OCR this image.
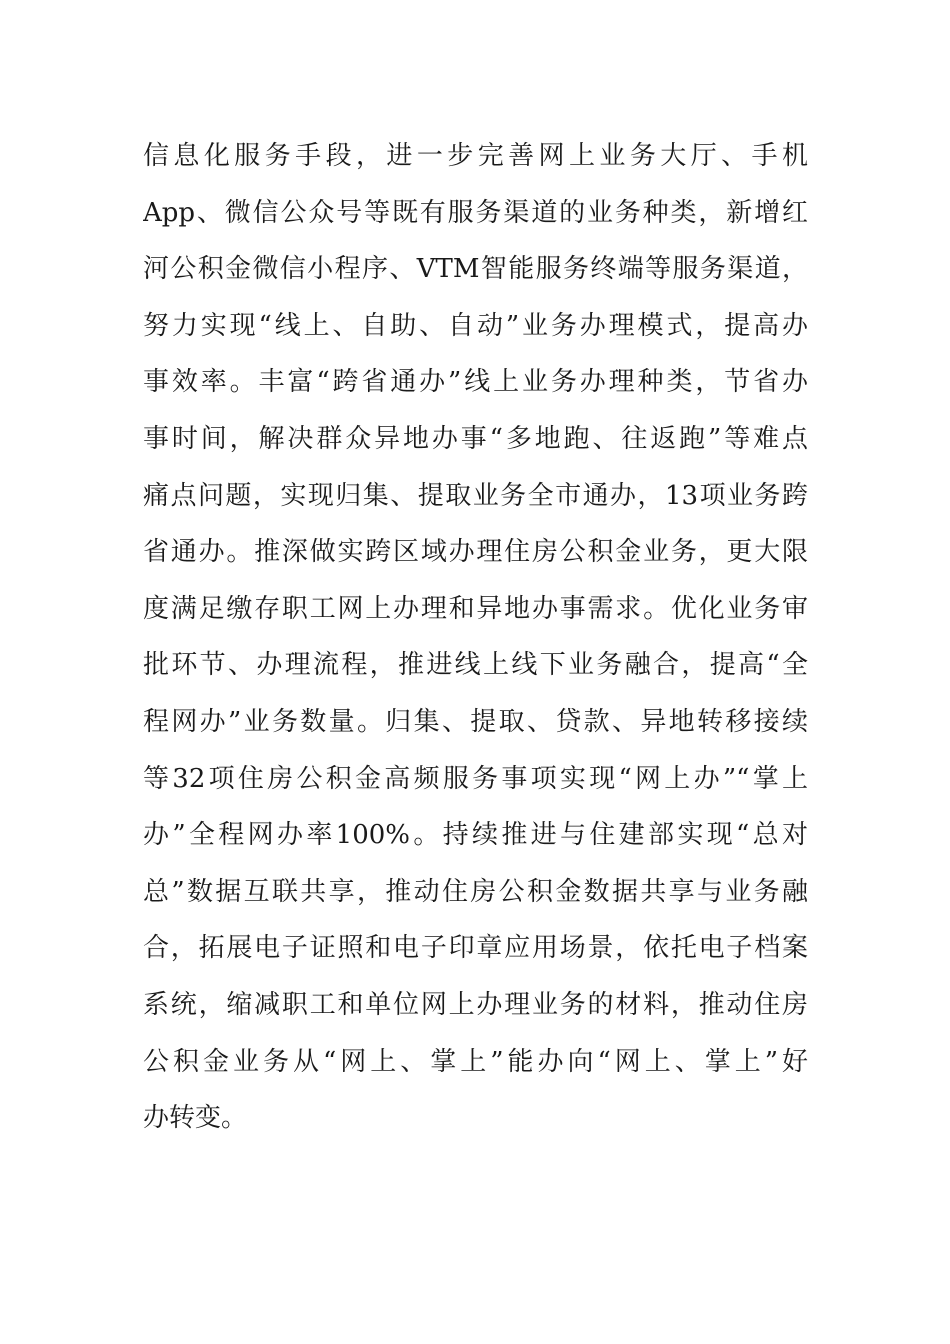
信息化服务手段，进一步完善网上业务大厅、手机
App、微信公众号等既有服务渠道的业务种类，新增红
河公积金微信小程序、VTM智能服务终端等服务渠道，
努力实现“线上、自助、自动”业务办理模式，提高办
事效率。丰富“跨省通办”线上业务办理种类，节省办
事时间，解决群众异地办事“多地跑、往返跑”等难点
痛点问题，实现归集、提取业务全市通办，13项业务跨
省通办。推深做实跨区域办理住房公积金业务，更大限
度满足缴存职工网上办理和异地办事需求。优化业务审
批环节、办理流程，推进线上线下业务融合，提高“全
程网办”业务数量。归集、提取、贷款、异地转移接续
等32项住房公积金高频服务事项实现“网上办”“掌上
办”全程网办率100%。持续推进与住建部实现“总对
总”数据互联共享，推动住房公积金数据共享与业务融
合，拓展电子证照和电子印章应用场景，依托电子档案
系统，缩减职工和单位网上办理业务的材料，推动住房
公积金业务从“网上、掌上”能办向“网上、掌上”好
办转变。
